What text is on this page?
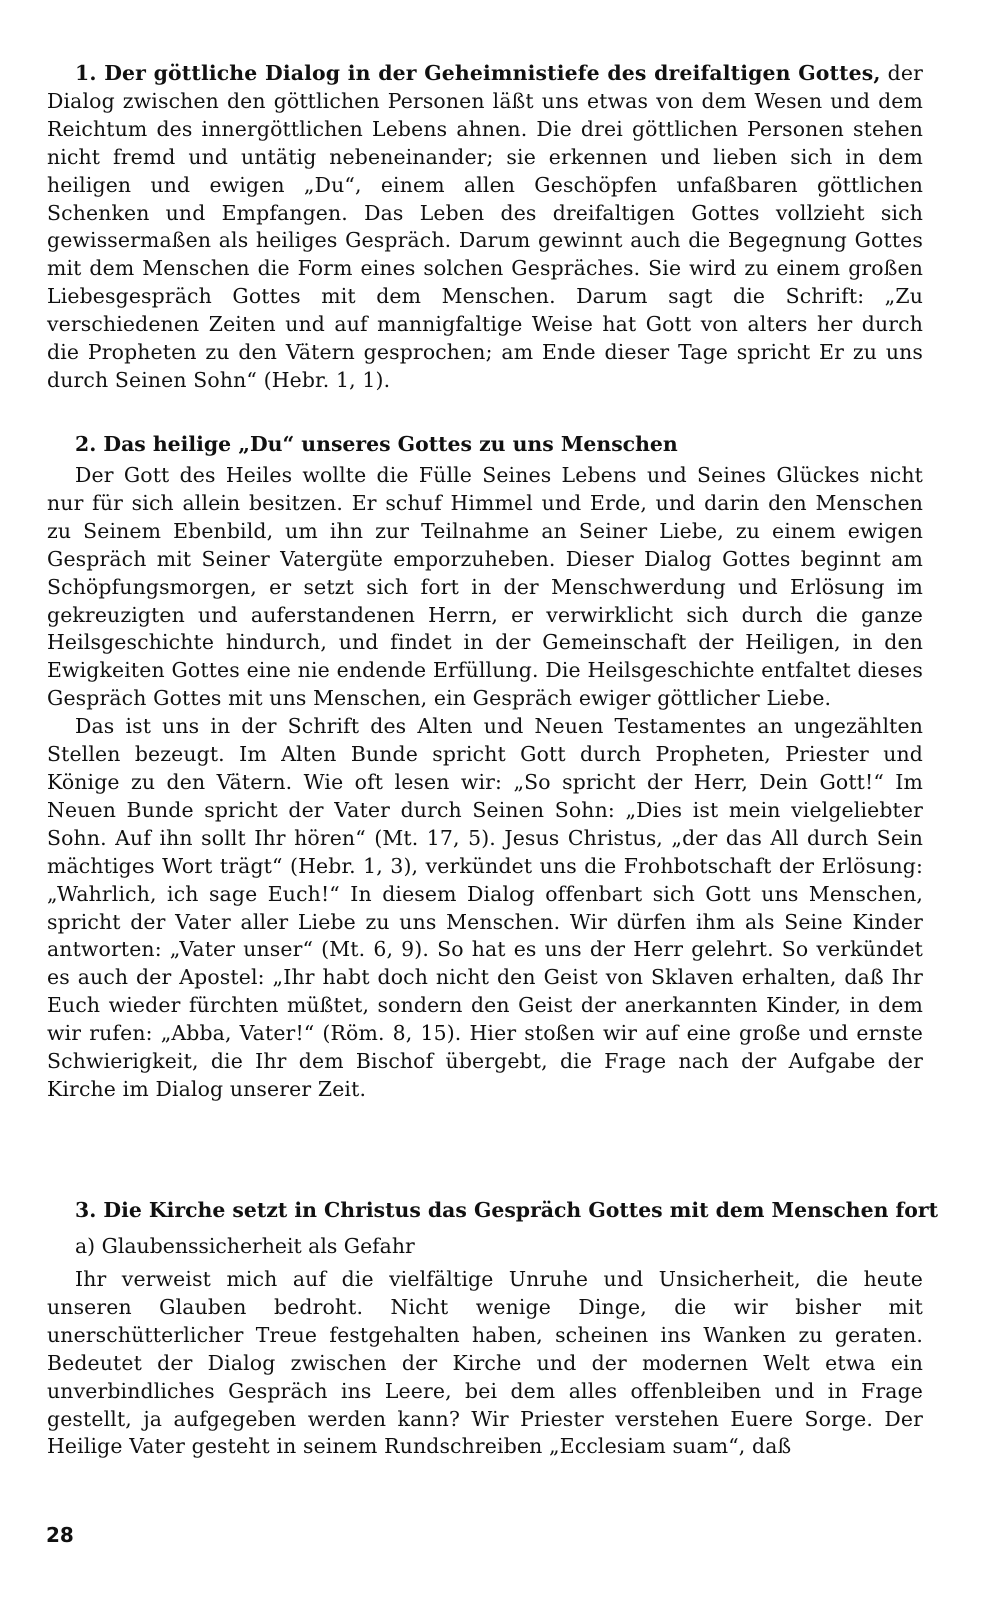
1. Der göttliche Dialog in der Geheimnistiefe des dreifaltigen Gottes, der Dialog zwischen den göttlichen Personen läßt uns etwas von dem Wesen und dem Reichtum des innergöttlichen Lebens ahnen. Die drei göttlichen Personen stehen nicht fremd und untätig nebeneinander; sie erkennen und lieben sich in dem heiligen und ewigen „Du“, einem allen Geschöpfen unfaßbaren göttlichen Schenken und Empfangen. Das Leben des dreifaltigen Gottes vollzieht sich gewissermaßen als heiliges Gespräch. Darum gewinnt auch die Begegnung Gottes mit dem Menschen die Form eines solchen Gespräches. Sie wird zu einem großen Liebesgespräch Gottes mit dem Menschen. Darum sagt die Schrift: „Zu verschiedenen Zeiten und auf mannigfaltige Weise hat Gott von alters her durch die Propheten zu den Vätern gesprochen; am Ende dieser Tage spricht Er zu uns durch Seinen Sohn“ (Hebr. 1, 1).

2. Das heilige „Du“ unseres Gottes zu uns Menschen

Der Gott des Heiles wollte die Fülle Seines Lebens und Seines Glückes nicht nur für sich allein besitzen. Er schuf Himmel und Erde, und darin den Menschen zu Seinem Ebenbild, um ihn zur Teilnahme an Seiner Liebe, zu einem ewigen Gespräch mit Seiner Vatergüte emporzuheben. Dieser Dialog Gottes beginnt am Schöpfungsmorgen, er setzt sich fort in der Menschwerdung und Erlösung im gekreuzigten und auferstandenen Herrn, er verwirklicht sich durch die ganze Heilsgeschichte hindurch, und findet in der Gemeinschaft der Heiligen, in den Ewigkeiten Gottes eine nie endende Erfüllung. Die Heilsgeschichte entfaltet dieses Gespräch Gottes mit uns Menschen, ein Gespräch ewiger göttlicher Liebe.

Das ist uns in der Schrift des Alten und Neuen Testamentes an ungezählten Stellen bezeugt. Im Alten Bunde spricht Gott durch Propheten, Priester und Könige zu den Vätern. Wie oft lesen wir: „So spricht der Herr, Dein Gott!“ Im Neuen Bunde spricht der Vater durch Seinen Sohn: „Dies ist mein vielgeliebter Sohn. Auf ihn sollt Ihr hören“ (Mt. 17, 5). Jesus Christus, „der das All durch Sein mächtiges Wort trägt“ (Hebr. 1, 3), verkündet uns die Frohbotschaft der Erlösung: „Wahrlich, ich sage Euch!“ In diesem Dialog offenbart sich Gott uns Menschen, spricht der Vater aller Liebe zu uns Menschen. Wir dürfen ihm als Seine Kinder antworten: „Vater unser“ (Mt. 6, 9). So hat es uns der Herr gelehrt. So verkündet es auch der Apostel: „Ihr habt doch nicht den Geist von Sklaven erhalten, daß Ihr Euch wieder fürchten müßtet, sondern den Geist der anerkannten Kinder, in dem wir rufen: „Abba, Vater!“ (Röm. 8, 15). Hier stoßen wir auf eine große und ernste Schwierigkeit, die Ihr dem Bischof übergebt, die Frage nach der Aufgabe der Kirche im Dialog unserer Zeit.

3. Die Kirche setzt in Christus das Gespräch Gottes mit dem Menschen fort

a) Glaubenssicherheit als Gefahr

Ihr verweist mich auf die vielfältige Unruhe und Unsicherheit, die heute unseren Glauben bedroht. Nicht wenige Dinge, die wir bisher mit unerschütterlicher Treue festgehalten haben, scheinen ins Wanken zu geraten. Bedeutet der Dialog zwischen der Kirche und der modernen Welt etwa ein unverbindliches Gespräch ins Leere, bei dem alles offenbleiben und in Frage gestellt, ja aufgegeben werden kann? Wir Priester verstehen Euere Sorge. Der Heilige Vater gesteht in seinem Rundschreiben „Ecclesiam suam“, daß

28
